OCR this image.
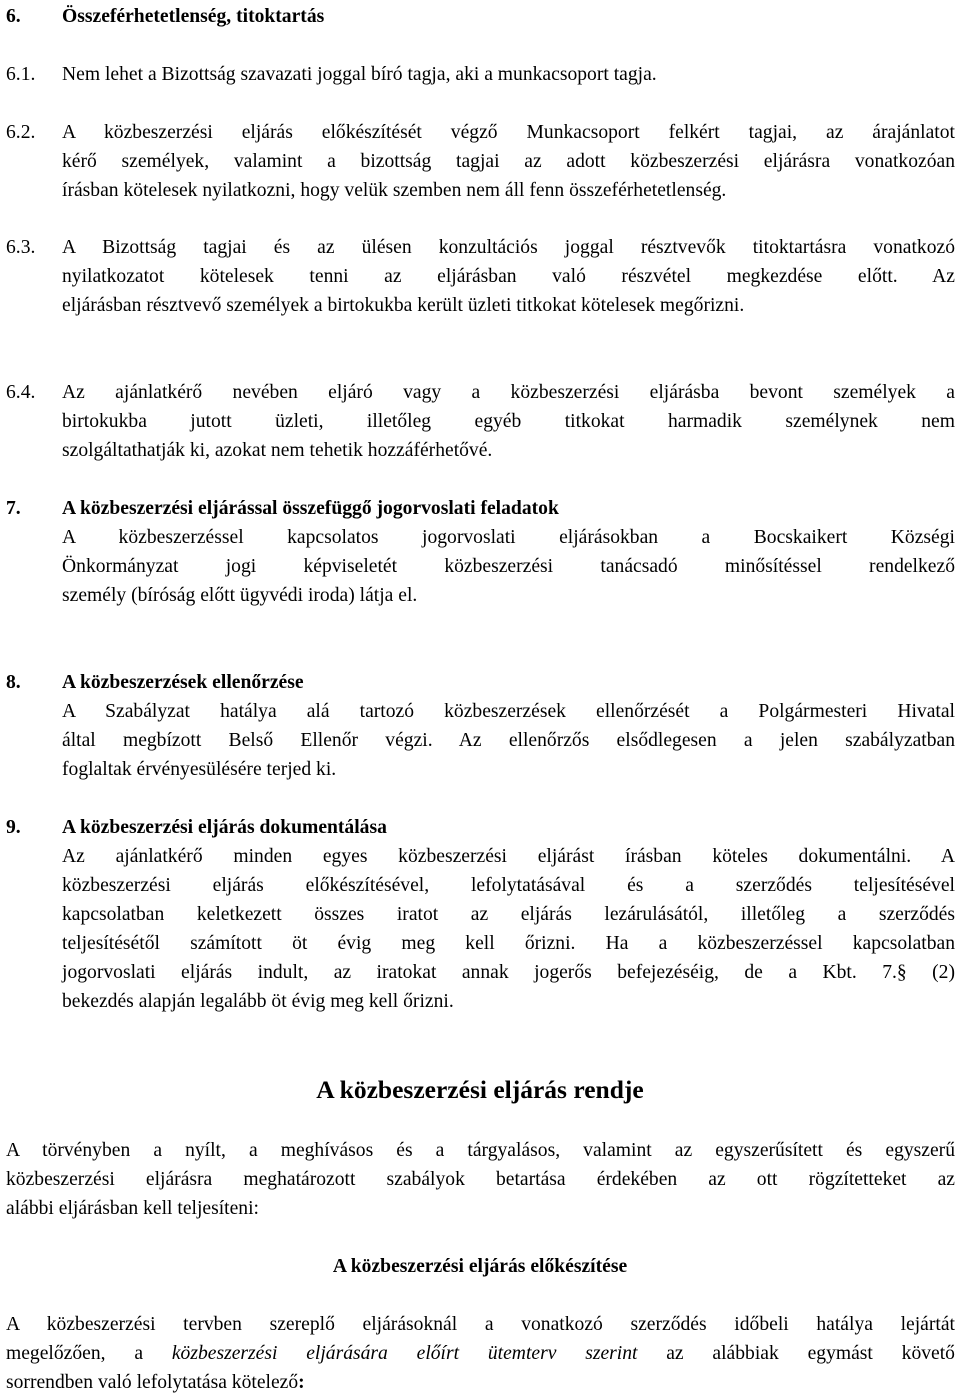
6. Összeférhetetlenség, titoktartás
6.1. Nem lehet a Bizottság szavazati joggal bíró tagja, aki a munkacsoport tagja.
6.2. A közbeszerzési eljárás előkészítését végző Munkacsoport felkért tagjai, az árajánlatot
kérő személyek, valamint a bizottság tagjai az adott közbeszerzési eljárásra vonatkozóan
írásban kötelesek nyilatkozni, hogy velük szemben nem áll fenn összeférhetetlenség.
6.3. A Bizottság tagjai és az ülésen konzultációs joggal résztvevők titoktartásra vonatkozó
nyilatkozatot kötelesek tenni az eljárásban való részvétel megkezdése előtt. Az
eljárásban résztvevő személyek a birtokukba került üzleti titkokat kötelesek megőrizni.
6.4. Az ajánlatkérő nevében eljáró vagy a közbeszerzési eljárásba bevont személyek a
birtokukba jutott üzleti, illetőleg egyéb titkokat harmadik személynek nem
szolgáltathatják ki, azokat nem tehetik hozzáférhetővé.
7. A közbeszerzési eljárással összefüggő jogorvoslati feladatok
A közbeszerzéssel kapcsolatos jogorvoslati eljárásokban a Bocskaikert Községi
Önkormányzat jogi képviseletét közbeszerzési tanácsadó minősítéssel rendelkező
személy (bíróság előtt ügyvédi iroda) látja el.
8. A közbeszerzések ellenőrzése
A Szabályzat hatálya alá tartozó közbeszerzések ellenőrzését a Polgármesteri Hivatal
által megbízott Belső Ellenőr végzi. Az ellenőrzős elsődlegesen a jelen szabályzatban
foglaltak érvényesülésére terjed ki.
9. A közbeszerzési eljárás dokumentálása
Az ajánlatkérő minden egyes közbeszerzési eljárást írásban köteles dokumentálni. A
közbeszerzési eljárás előkészítésével, lefolytatásával és a szerződés teljesítésével
kapcsolatban keletkezett összes iratot az eljárás lezárulásától, illetőleg a szerződés
teljesítésétől számított öt évig meg kell őrizni. Ha a közbeszerzéssel kapcsolatban
jogorvoslati eljárás indult, az iratokat annak jogerős befejezéséig, de a Kbt. 7.§ (2)
bekezdés alapján legalább öt évig meg kell őrizni.
A közbeszerzési eljárás rendje
A törvényben a nyílt, a meghívásos és a tárgyalásos, valamint az egyszerűsített és egyszerű
közbeszerzési eljárásra meghatározott szabályok betartása érdekében az ott rögzítetteket az
alábbi eljárásban kell teljesíteni:
A közbeszerzési eljárás előkészítése
A közbeszerzési tervben szereplő eljárásoknál a vonatkozó szerződés időbeli hatálya lejártát
megelőzően, a közbeszerzési eljárására előírt ütemterv szerint az alábbiak egymást követő
sorrendben való lefolytatása kötelező:
